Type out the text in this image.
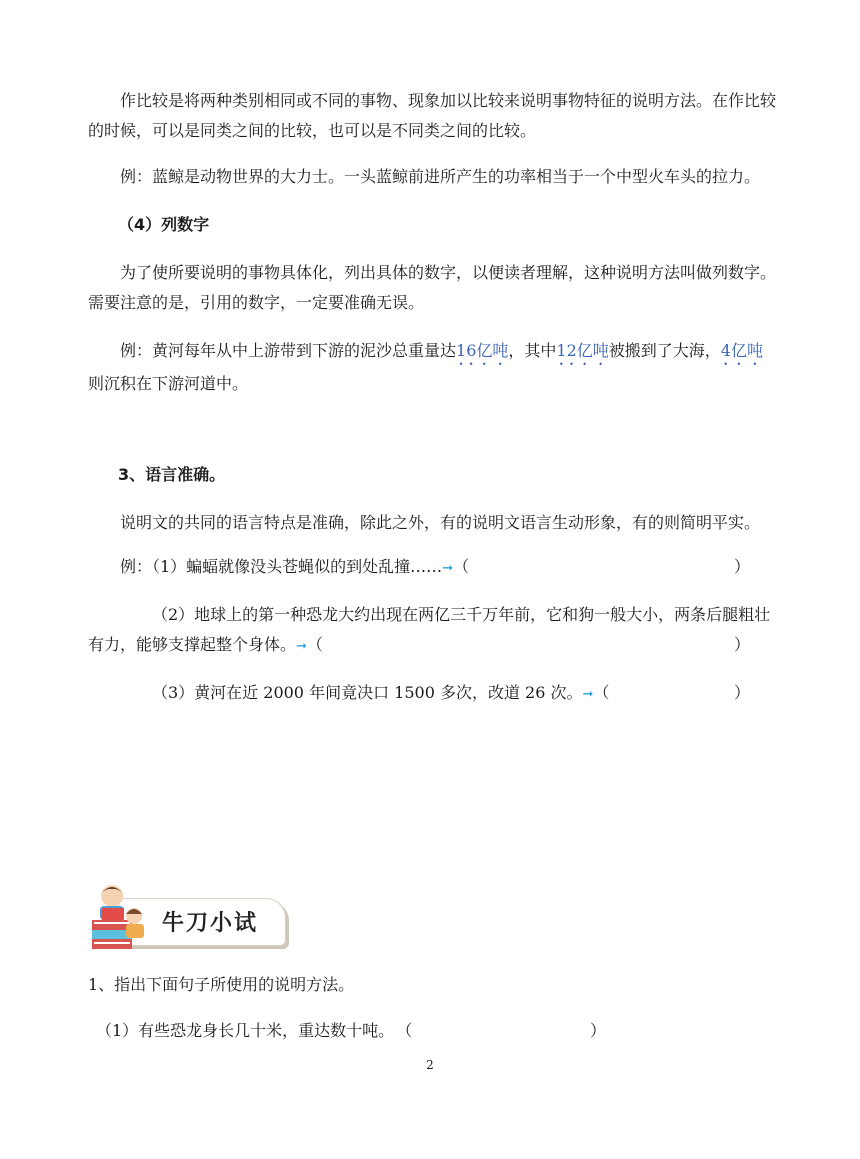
作比较是将两种类别相同或不同的事物、现象加以比较来说明事物特征的说明方法。在作比较的时候，可以是同类之间的比较，也可以是不同类之间的比较。

例：蓝鲸是动物世界的大力士。一头蓝鲸前进所产生的功率相当于一个中型火车头的拉力。

（4）列数字

为了使所要说明的事物具体化，列出具体的数字，以便读者理解，这种说明方法叫做列数字。需要注意的是，引用的数字，一定要准确无误。

例：黄河每年从中上游带到下游的泥沙总重量达16亿吨，其中12亿吨被搬到了大海，4亿吨则沉积在下游河道中。

3、语言准确。

说明文的共同的语言特点是准确，除此之外，有的说明文语言生动形象，有的则简明平实。

例：（1）蝙蝠就像没头苍蝇似的到处乱撞……➞（	）
（2）地球上的第一种恐龙大约出现在两亿三千万年前，它和狗一般大小，两条后腿粗壮有力，能够支撑起整个身体。➞（	）
（3）黄河在近 2000 年间竟决口 1500 多次，改道 26 次。➞（	）
牛刀小试
1、指出下面句子所使用的说明方法。
（1）有些恐龙身长几十米，重达数十吨。 （	）
2
